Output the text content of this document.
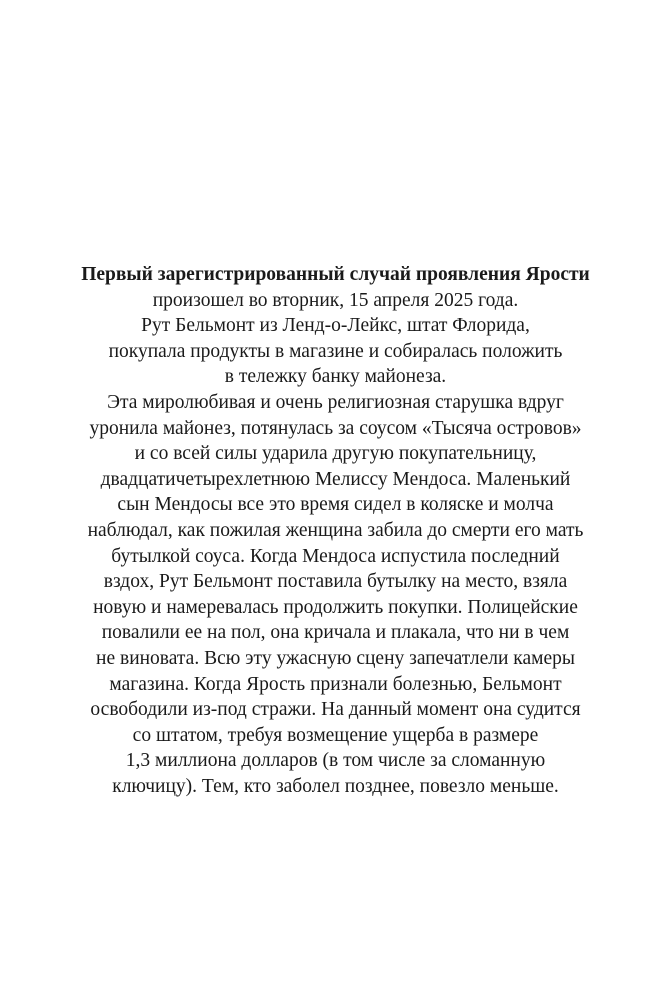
Первый зарегистрированный случай проявления Ярости
произошел во вторник, 15 апреля 2025 года.
Рут Бельмонт из Ленд-о-Лейкс, штат Флорида,
покупала продукты в магазине и собиралась положить
в тележку банку майонеза.
Эта миролюбивая и очень религиозная старушка вдруг
уронила майонез, потянулась за соусом «Тысяча островов»
и со всей силы ударила другую покупательницу,
двадцатичетырехлетнюю Мелиссу Мендоса. Маленький
сын Мендосы все это время сидел в коляске и молча
наблюдал, как пожилая женщина забила до смерти его мать
бутылкой соуса. Когда Мендоса испустила последний
вздох, Рут Бельмонт поставила бутылку на место, взяла
новую и намеревалась продолжить покупки. Полицейские
повалили ее на пол, она кричала и плакала, что ни в чем
не виновата. Всю эту ужасную сцену запечатлели камеры
магазина. Когда Ярость признали болезнью, Бельмонт
освободили из-под стражи. На данный момент она судится
со штатом, требуя возмещение ущерба в размере
1,3 миллиона долларов (в том числе за сломанную
ключицу). Тем, кто заболел позднее, повезло меньше.
